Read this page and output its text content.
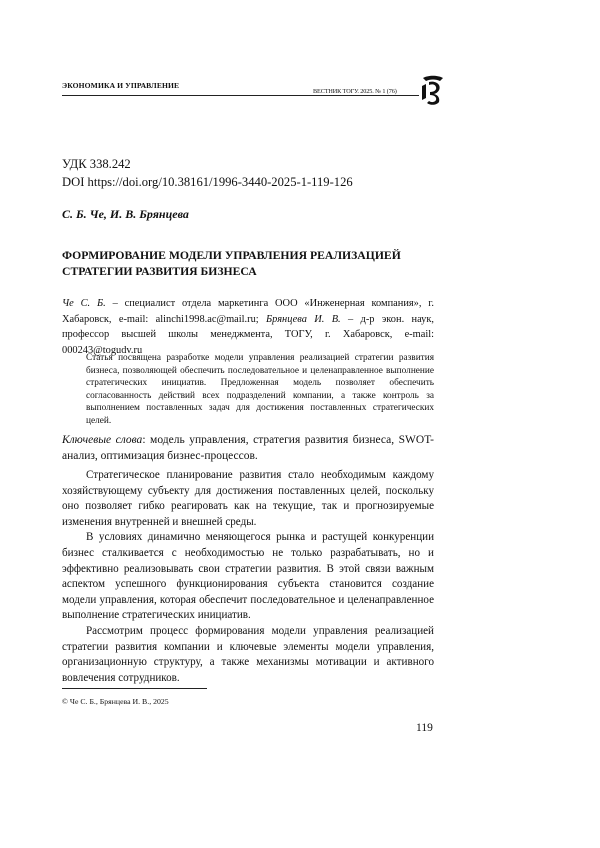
ЭКОНОМИКА И УПРАВЛЕНИЕ
ВЕСТНИК ТОГУ. 2025. № 1 (76)
УДК 338.242
DOI https://doi.org/10.38161/1996-3440-2025-1-119-126
С. Б. Че, И. В. Брянцева
ФОРМИРОВАНИЕ МОДЕЛИ УПРАВЛЕНИЯ РЕАЛИЗАЦИЕЙ СТРАТЕГИИ РАЗВИТИЯ БИЗНЕСА
Че С. Б. – специалист отдела маркетинга ООО «Инженерная компания», г. Хабаровск, e-mail: alinchi1998.ac@mail.ru; Брянцева И. В. – д-р экон. наук, профессор высшей школы менеджмента, ТОГУ, г. Хабаровск, e-mail: 000243@togudv.ru
Статья посвящена разработке модели управления реализацией стратегии развития бизнеса, позволяющей обеспечить последовательное и целенаправленное выполнение стратегических инициатив. Предложенная модель позволяет обеспечить согласованность действий всех подразделений компании, а также контроль за выполнением поставленных задач для достижения поставленных стратегических целей.
Ключевые слова: модель управления, стратегия развития бизнеса, SWOT-анализ, оптимизация бизнес-процессов.

Стратегическое планирование развития стало необходимым каждому хозяйствующему субъекту для достижения поставленных целей, поскольку оно позволяет гибко реагировать как на текущие, так и прогнозируемые изменения внутренней и внешней среды.

В условиях динамично меняющегося рынка и растущей конкуренции бизнес сталкивается с необходимостью не только разрабатывать, но и эффективно реализовывать свои стратегии развития. В этой связи важным аспектом успешного функционирования субъекта становится создание модели управления, которая обеспечит последовательное и целенаправленное выполнение стратегических инициатив.

Рассмотрим процесс формирования модели управления реализацией стратегии развития компании и ключевые элементы модели управления, организационную структуру, а также механизмы мотивации и активного вовлечения сотрудников.

© Че С. Б., Брянцева И. В., 2025
119
